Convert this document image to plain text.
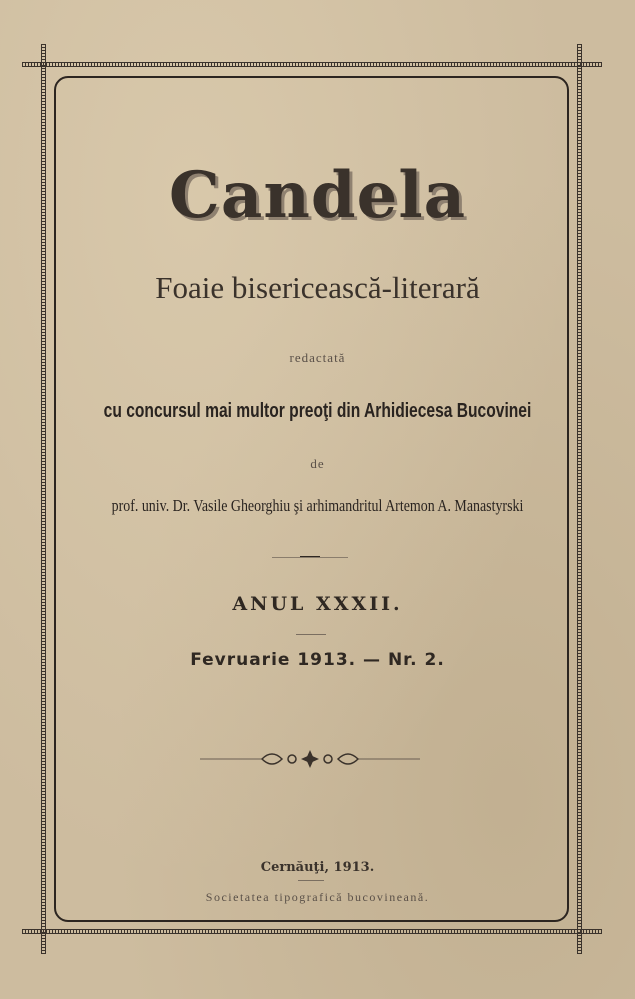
Candela
Foaie bisericească-literară
redactată
cu concursul mai multor preoţi din Arhidiecesa Bucovinei
de
prof. univ. Dr. Vasile Gheorghiu şi arhimandritul Artemon A. Manastyrski
ANUL XXXII.
Fevruarie 1913. — Nr. 2.
Cernăuţi, 1913.
Societatea tipografică bucovineană.
